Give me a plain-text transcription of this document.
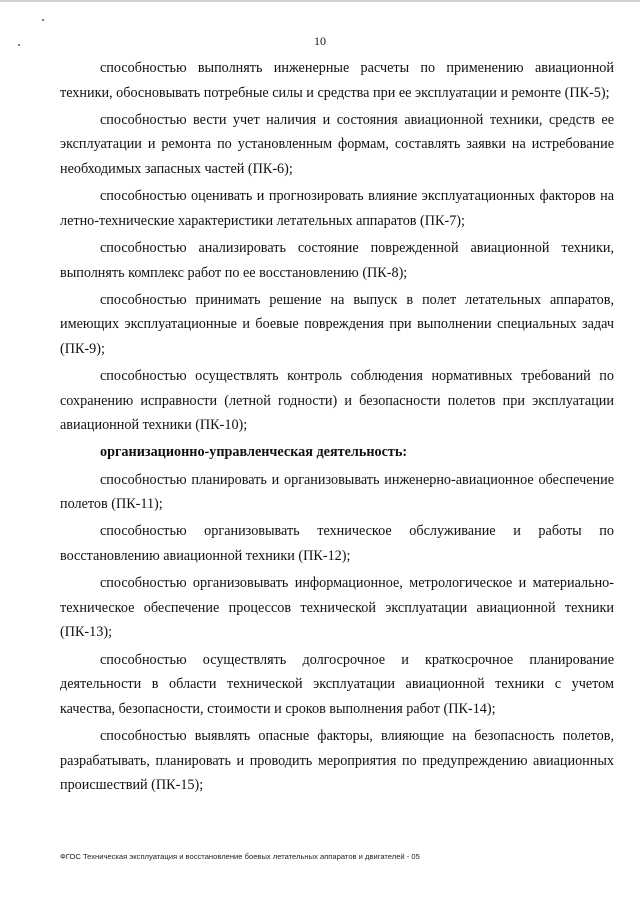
10

способностью выполнять инженерные расчеты по применению авиационной техники, обосновывать потребные силы и средства при ее эксплуатации и ремонте (ПК-5);

способностью вести учет наличия и состояния авиационной техники, средств ее эксплуатации и ремонта по установленным формам, составлять заявки на истребование необходимых запасных частей (ПК-6);

способностью оценивать и прогнозировать влияние эксплуатационных факторов на летно-технические характеристики летательных аппаратов (ПК-7);

способностью анализировать состояние поврежденной авиационной техники, выполнять комплекс работ по ее восстановлению (ПК-8);

способностью принимать решение на выпуск в полет летательных аппаратов, имеющих эксплуатационные и боевые повреждения при выполнении специальных задач (ПК-9);

способностью осуществлять контроль соблюдения нормативных требований по сохранению исправности (летной годности) и безопасности полетов при эксплуатации авиационной техники (ПК-10);

организационно-управленческая деятельность:

способностью планировать и организовывать инженерно-авиационное обеспечение полетов (ПК-11);

способностью организовывать техническое обслуживание и работы по восстановлению авиационной техники (ПК-12);

способностью организовывать информационное, метрологическое и материально-техническое обеспечение процессов технической эксплуатации авиационной техники (ПК-13);

способностью осуществлять долгосрочное и краткосрочное планирование деятельности в области технической эксплуатации авиационной техники с учетом качества, безопасности, стоимости и сроков выполнения работ (ПК-14);

способностью выявлять опасные факторы, влияющие на безопасность полетов, разрабатывать, планировать и проводить мероприятия по предупреждению авиационных происшествий (ПК-15);

ФГОС Техническая эксплуатация и восстановление боевых летательных аппаратов и двигателей - 05
